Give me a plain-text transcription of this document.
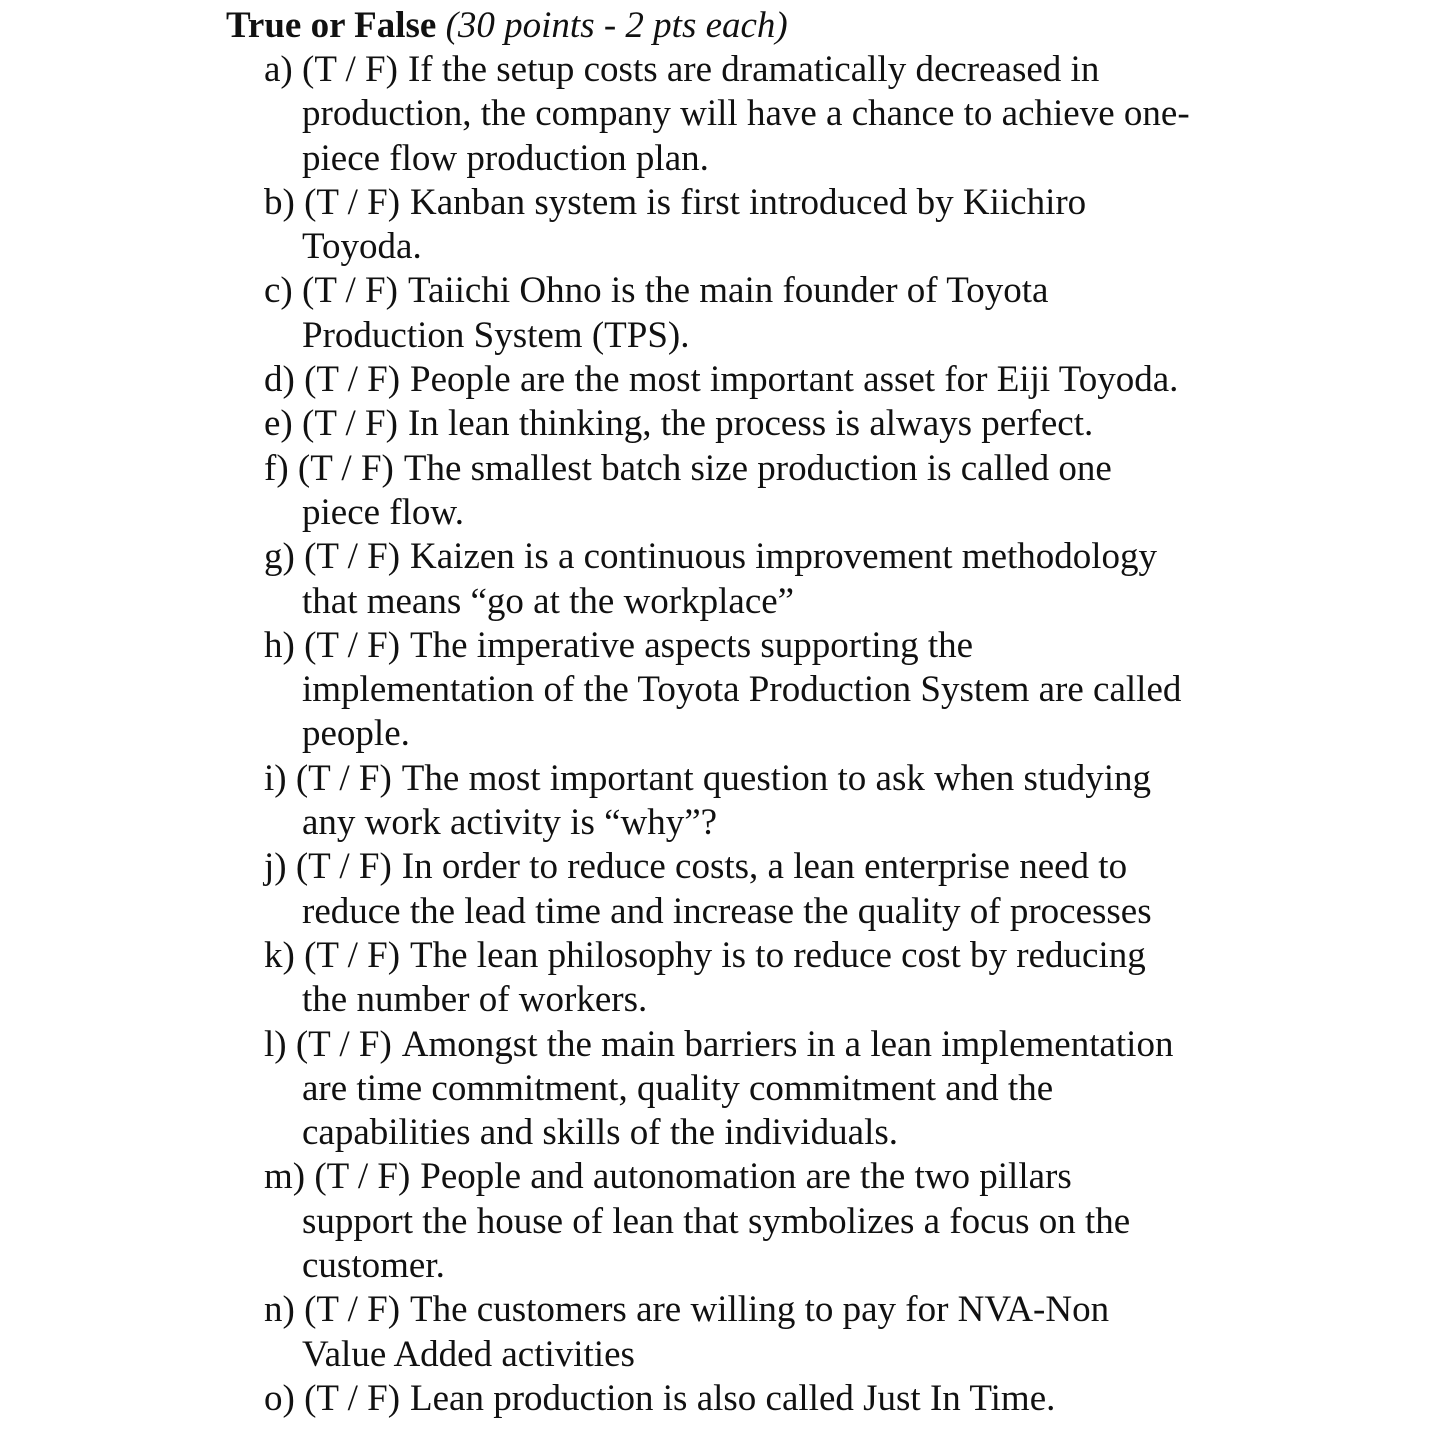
True or False (30 points - 2 pts each)
a) (T / F) If the setup costs are dramatically decreased in
production, the company will have a chance to achieve one-
piece flow production plan.
b) (T / F) Kanban system is first introduced by Kiichiro
Toyoda.
c) (T / F) Taiichi Ohno is the main founder of Toyota
Production System (TPS).
d) (T / F) People are the most important asset for Eiji Toyoda.
e) (T / F) In lean thinking, the process is always perfect.
f) (T / F) The smallest batch size production is called one
piece flow.
g) (T / F) Kaizen is a continuous improvement methodology
that means “go at the workplace”
h) (T / F) The imperative aspects supporting the
implementation of the Toyota Production System are called
people.
i) (T / F) The most important question to ask when studying
any work activity is “why”?
j) (T / F) In order to reduce costs, a lean enterprise need to
reduce the lead time and increase the quality of processes
k) (T / F) The lean philosophy is to reduce cost by reducing
the number of workers.
l) (T / F) Amongst the main barriers in a lean implementation
are time commitment, quality commitment and the
capabilities and skills of the individuals.
m) (T / F) People and autonomation are the two pillars
support the house of lean that symbolizes a focus on the
customer.
n) (T / F) The customers are willing to pay for NVA-Non
Value Added activities
o) (T / F) Lean production is also called Just In Time.
